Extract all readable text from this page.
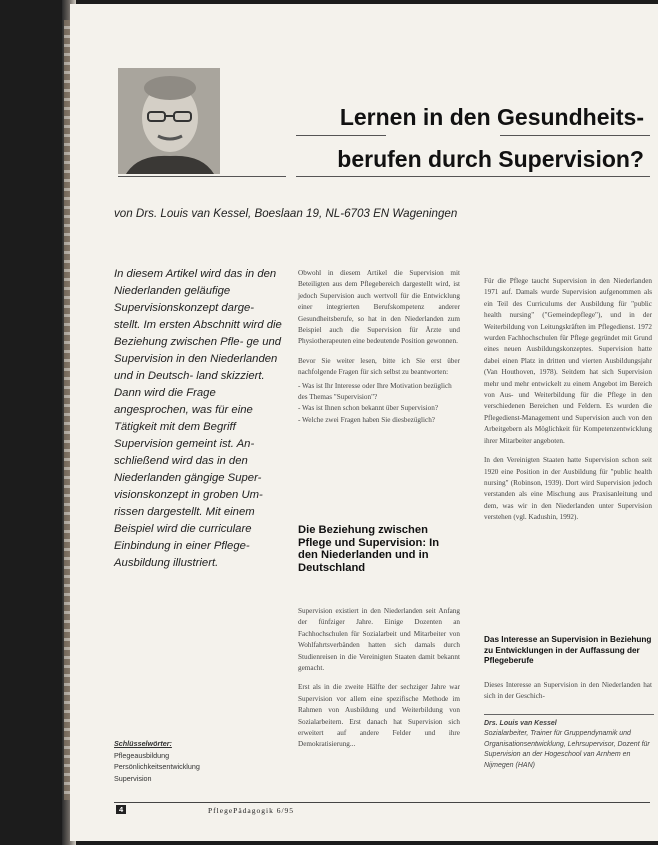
Lernen in den Gesundheits-
berufen durch Supervision?
von Drs. Louis van Kessel, Boeslaan 19, NL-6703 EN Wageningen
In diesem Artikel wird das in den Niederlanden geläufige Supervisionskonzept darge- stellt. Im ersten Abschnitt wird die Beziehung zwischen Pfle- ge und Supervision in den Niederlanden und in Deutsch- land skizziert. Dann wird die Frage angesprochen, was für eine Tätigkeit mit dem Begriff Supervision gemeint ist. An- schließend wird das in den Niederlanden gängige Super- visionskonzept in groben Um- rissen dargestellt. Mit einem Beispiel wird die curriculare Einbindung in einer Pflege- Ausbildung illustriert.

Obwohl in diesem Artikel die Supervision mit Beteiligten aus dem Pflegebereich dargestellt wird, ist jedoch Supervision auch wertvoll für die Entwicklung einer integrierten Berufskompetenz anderer Gesundheitsberufe, so hat in den Niederlanden zum Beispiel auch die Supervision für Ärzte und Physiotherapeuten eine bedeutende Position gewonnen.

Bevor Sie weiter lesen, bitte ich Sie erst über nachfolgende Fragen für sich selbst zu beantworten:

- Was ist Ihr Interesse oder Ihre Motivation bezüglich des Themas "Supervision"?
- Was ist Ihnen schon bekannt über Supervision?
- Welche zwei Fragen haben Sie diesbezüglich?
Die Beziehung zwischen Pflege und Supervision: In den Niederlanden und in Deutschland

Supervision existiert in den Niederlanden seit Anfang der fünfziger Jahre. Einige Dozenten an Fachhochschulen für Sozialarbeit und Mitarbeiter von Wohlfahrtsverbänden hatten sich damals durch Studienreisen in die Vereinigten Staaten damit bekannt gemacht.

Erst als in die zweite Hälfte der sechziger Jahre war Supervision vor allem eine spezifische Methode im Rahmen von Ausbildung und Weiterbildung von Sozialarbeitern. Erst danach hat Supervision sich erweitert auf andere Felder und ihre Demokratisierung...

Für die Pflege taucht Supervision in den Niederlanden 1971 auf. Damals wurde Supervision aufgenommen als ein Teil des Curriculums der Ausbildung für "public health nursing" ("Gemeindepflege"), und in der Weiterbildung von Leitungskräften im Pflegedienst. 1972 wurden Fachhochschulen für Pflege gegründet mit Grund eines neuen Ausbildungskonzeptes. Supervision hatte dabei einen Platz in dritten und vierten Ausbildungsjahr (Van Houthoven, 1978). Seitdem hat sich Supervision mehr und mehr entwickelt zu einem Angebot im Bereich von Aus- und Weiterbildung für die Pflege in den verschiedenen Bereichen und Feldern. Es wurden die Pflegedienst-Management und Supervision auch von den Arbeitgebern als Möglichkeit für Kompetenzentwicklung ihrer Mitarbeiter angeboten.

In den Vereinigten Staaten hatte Supervision schon seit 1920 eine Position in der Ausbildung für "public health nursing" (Robinson, 1939). Dort wird Supervision jedoch verstanden als eine Mischung aus Praxisanleitung und dem, was wir in den Niederlanden unter Supervision verstehen (vgl. Kadushin, 1992).

Das Interesse an Supervision in Beziehung zu Entwicklungen in der Auffassung der Pflegeberufe

Dieses Interesse an Supervision in den Niederlanden hat sich in der Geschich-

Schlüsselwörter:
Pflegeausbildung
Persönlichkeitsentwicklung
Supervision
Drs. Louis van Kessel
Sozialarbeiter, Trainer für Gruppendynamik und Organisationsentwicklung, Lehrsupervisor, Dozent für Supervision an der Hogeschool van Arnhem en Nijmegen (HAN)
4	PflegePädagogik 6/95
